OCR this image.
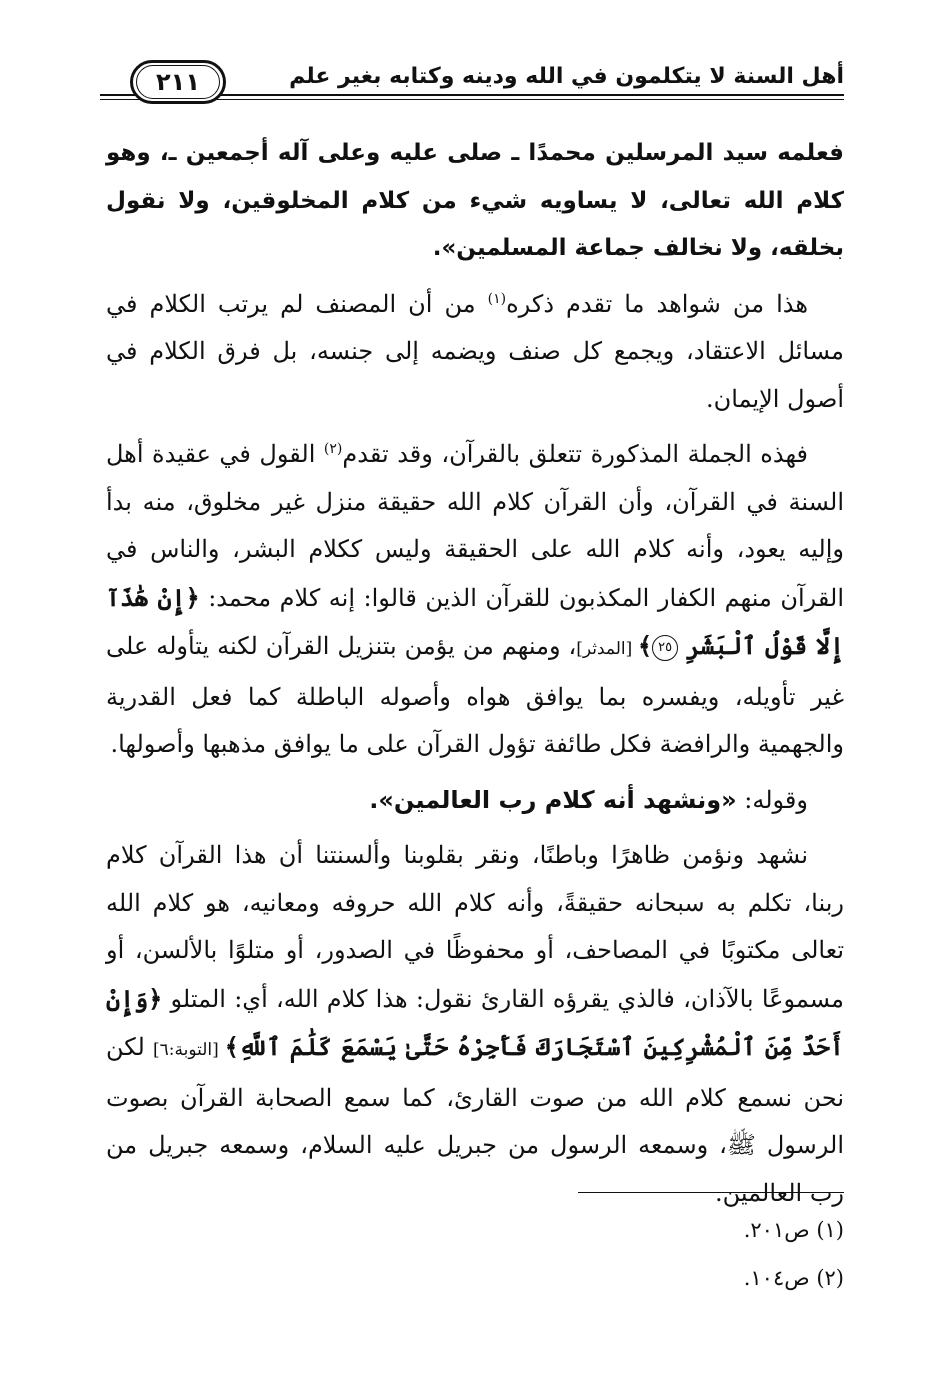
أهل السنة لا يتكلمون في الله ودينه وكتابه بغير علم
٢١١

فعلمه سيد المرسلين محمدًا ـ صلى عليه وعلى آله أجمعين ـ، وهو كلام الله تعالى، لا يساويه شيء من كلام المخلوقين، ولا نقول بخلقه، ولا نخالف جماعة المسلمين».

هذا من شواهد ما تقدم ذكره$^{(١)}$ من أن المصنف لم يرتب الكلام في مسائل الاعتقاد، ويجمع كل صنف ويضمه إلى جنسه، بل فرق الكلام في أصول الإيمان.

فهذه الجملة المذكورة تتعلق بالقرآن، وقد تقدم$^{(٢)}$ القول في عقيدة أهل السنة في القرآن، وأن القرآن كلام الله حقيقة منزل غير مخلوق، منه بدأ وإليه يعود، وأنه كلام الله على الحقيقة وليس ككلام البشر، والناس في القرآن منهم الكفار المكذبون للقرآن الذين قالوا: إنه كلام محمد: ﴿إِنْ هَٰذَآ إِلَّا قَوْلُ ٱلْبَشَرِ ٢٥﴾ [المدثر]، ومنهم من يؤمن بتنزيل القرآن لكنه يتأوله على غير تأويله، ويفسره بما يوافق هواه وأصوله الباطلة كما فعل القدرية والجهمية والرافضة فكل طائفة تؤول القرآن على ما يوافق مذهبها وأصولها.

وقوله: «ونشهد أنه كلام رب العالمين».

نشهد ونؤمن ظاهرًا وباطنًا، ونقر بقلوبنا وألسنتنا أن هذا القرآن كلام ربنا، تكلم به سبحانه حقيقةً، وأنه كلام الله حروفه ومعانيه، هو كلام الله تعالى مكتوبًا في المصاحف، أو محفوظًا في الصدور، أو متلوًا بالألسن، أو مسموعًا بالآذان، فالذي يقرؤه القارئ نقول: هذا كلام الله، أي: المتلو ﴿وَإِنْ أَحَدٌ مِّنَ ٱلْمُشْرِكِينَ ٱسْتَجَارَكَ فَأَجِرْهُ حَتَّىٰ يَسْمَعَ كَلَٰمَ ٱللَّهِ﴾ [التوبة:٦] لكن نحن نسمع كلام الله من صوت القارئ، كما سمع الصحابة القرآن بصوت الرسول ﷺ، وسمعه الرسول من جبريل عليه السلام، وسمعه جبريل من رب العالمين.

(١) ص٢٠١.
(٢) ص١٠٤.
